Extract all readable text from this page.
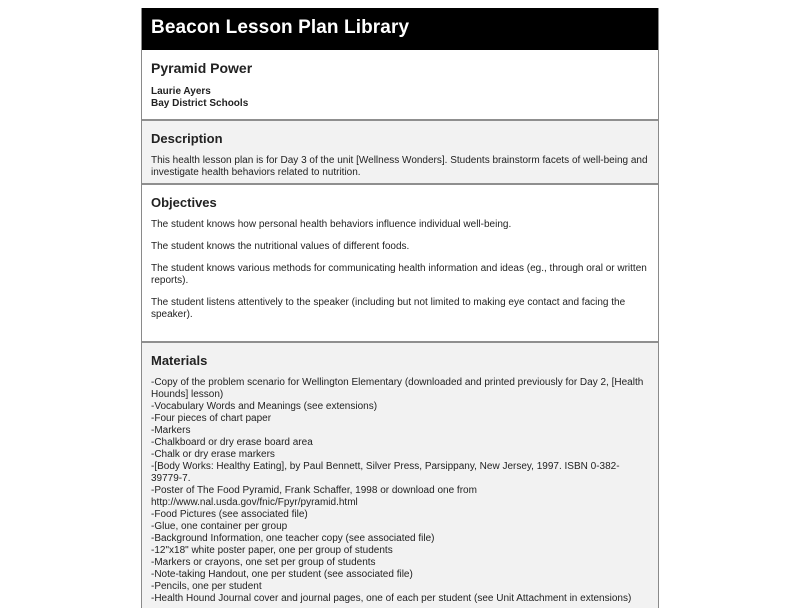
Beacon Lesson Plan Library
Pyramid Power
Laurie Ayers
Bay District Schools
Description

This health lesson plan is for Day 3 of the unit [Wellness Wonders]. Students brainstorm facets of well-being and investigate health behaviors related to nutrition.

Objectives

The student knows how personal health behaviors influence individual well-being.

The student knows the nutritional values of different foods.

The student knows various methods for communicating health information and ideas (eg., through oral or written reports).

The student listens attentively to the speaker (including but not limited to making eye contact and facing the speaker).

Materials

-Copy of the problem scenario for Wellington Elementary (downloaded and printed previously for Day 2, [Health Hounds] lesson)

-Vocabulary Words and Meanings (see extensions)

-Four pieces of chart paper

-Markers

-Chalkboard or dry erase board area

-Chalk or dry erase markers

-[Body Works: Healthy Eating], by Paul Bennett, Silver Press, Parsippany, New Jersey, 1997. ISBN 0-382-39779-7.

-Poster of The Food Pyramid, Frank Schaffer, 1998 or download one from http://www.nal.usda.gov/fnic/Fpyr/pyramid.html

-Food Pictures (see associated file)

-Glue, one container per group

-Background Information, one teacher copy (see associated file)

-12"x18" white poster paper, one per group of students

-Markers or crayons, one set per group of students

-Note-taking Handout, one per student (see associated file)

-Pencils, one per student

-Health Hound Journal cover and journal pages, one of each per student (see Unit Attachment in extensions)
